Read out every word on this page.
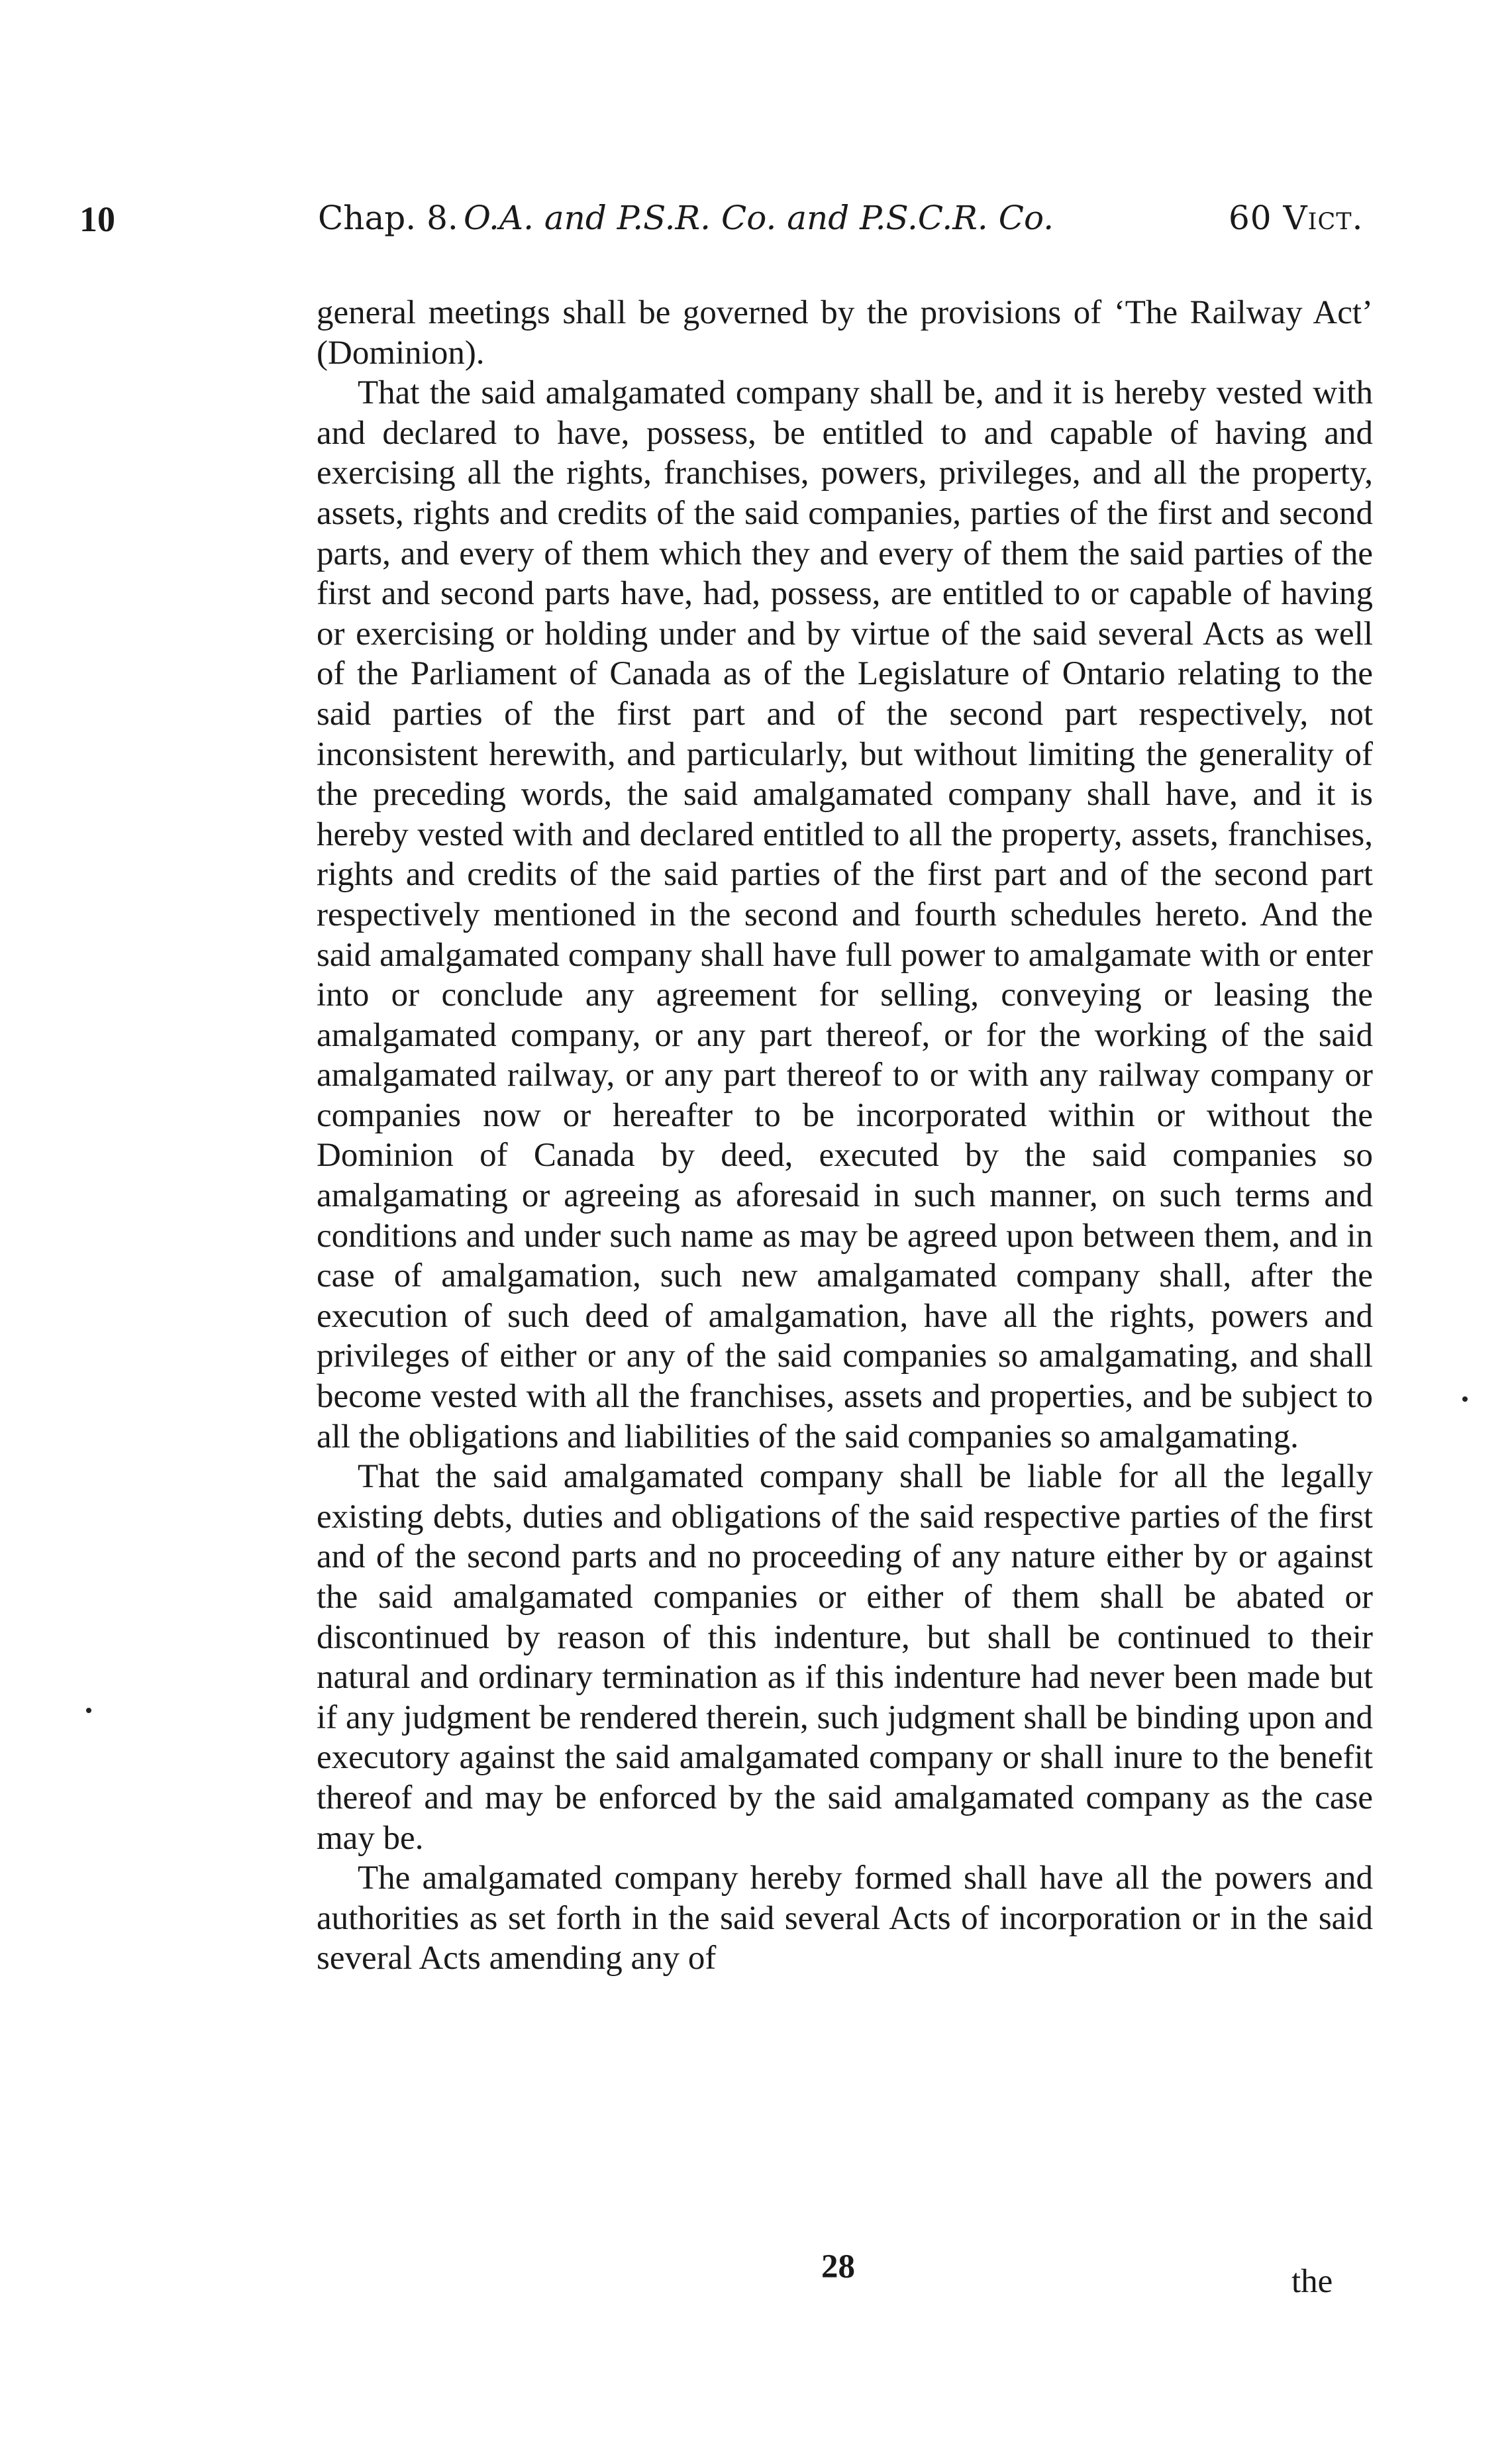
10	Chap. 8. O.A. and P.S.R. Co. and P.S.C.R. Co.	60 Vict.

general meetings shall be governed by the provisions of ‘The Railway Act’ (Dominion).

That the said amalgamated company shall be, and it is hereby vested with and declared to have, possess, be entitled to and capable of having and exercising all the rights, franchises, powers, privileges, and all the property, assets, rights and credits of the said companies, parties of the first and second parts, and every of them which they and every of them the said parties of the first and second parts have, had, possess, are entitled to or capable of having or exercising or holding under and by virtue of the said several Acts as well of the Parliament of Canada as of the Legislature of Ontario relating to the said parties of the first part and of the second part respectively, not inconsistent herewith, and particularly, but without limiting the generality of the preceding words, the said amalgamated company shall have, and it is hereby vested with and declared entitled to all the property, assets, franchises, rights and credits of the said parties of the first part and of the second part respectively mentioned in the second and fourth schedules hereto. And the said amalgamated company shall have full power to amalgamate with or enter into or conclude any agreement for selling, conveying or leasing the amalgamated company, or any part thereof, or for the working of the said amalgamated railway, or any part thereof to or with any railway company or companies now or hereafter to be incorporated within or without the Dominion of Canada by deed, executed by the said companies so amalgamating or agreeing as aforesaid in such manner, on such terms and conditions and under such name as may be agreed upon between them, and in case of amalgamation, such new amalgamated company shall, after the execution of such deed of amalgamation, have all the rights, powers and privileges of either or any of the said companies so amalgamating, and shall become vested with all the franchises, assets and properties, and be subject to all the obligations and liabilities of the said companies so amalgamating.

That the said amalgamated company shall be liable for all the legally existing debts, duties and obligations of the said respective parties of the first and of the second parts and no proceeding of any nature either by or against the said amalgamated companies or either of them shall be abated or discontinued by reason of this indenture, but shall be continued to their natural and ordinary termination as if this indenture had never been made but if any judgment be rendered therein, such judgment shall be binding upon and executory against the said amalgamated company or shall inure to the benefit thereof and may be enforced by the said amalgamated company as the case may be.

The amalgamated company hereby formed shall have all the powers and authorities as set forth in the said several Acts of incorporation or in the said several Acts amending any of

28	the
